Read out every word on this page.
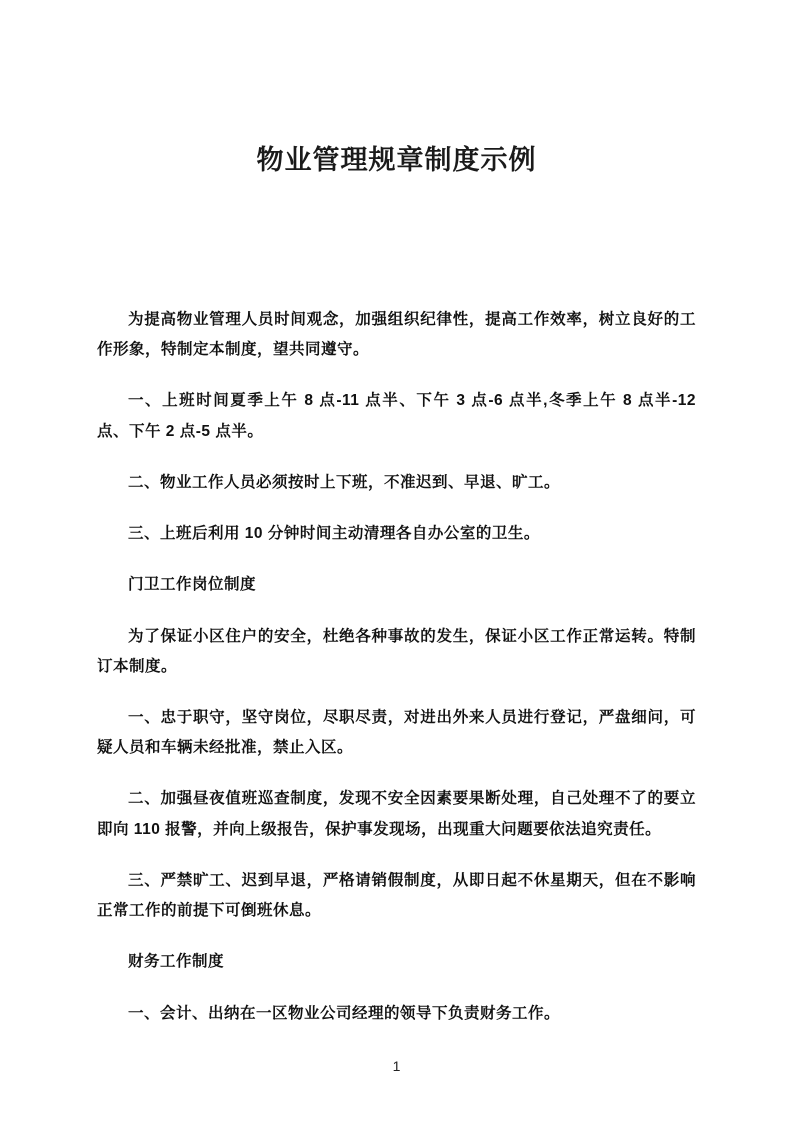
物业管理规章制度示例

为提高物业管理人员时间观念，加强组织纪律性，提高工作效率，树立良好的工作形象，特制定本制度，望共同遵守。

一、上班时间夏季上午 8 点-11 点半、下午 3 点-6 点半,冬季上午 8 点半-12 点、下午 2 点-5 点半。

二、物业工作人员必须按时上下班，不准迟到、早退、旷工。

三、上班后利用 10 分钟时间主动清理各自办公室的卫生。

门卫工作岗位制度

为了保证小区住户的安全，杜绝各种事故的发生，保证小区工作正常运转。特制订本制度。

一、忠于职守，坚守岗位，尽职尽责，对进出外来人员进行登记，严盘细问，可疑人员和车辆未经批准，禁止入区。

二、加强昼夜值班巡查制度，发现不安全因素要果断处理，自己处理不了的要立即向 110 报警，并向上级报告，保护事发现场，出现重大问题要依法追究责任。

三、严禁旷工、迟到早退，严格请销假制度，从即日起不休星期天，但在不影响正常工作的前提下可倒班休息。

财务工作制度

一、会计、出纳在一区物业公司经理的领导下负责财务工作。

1
